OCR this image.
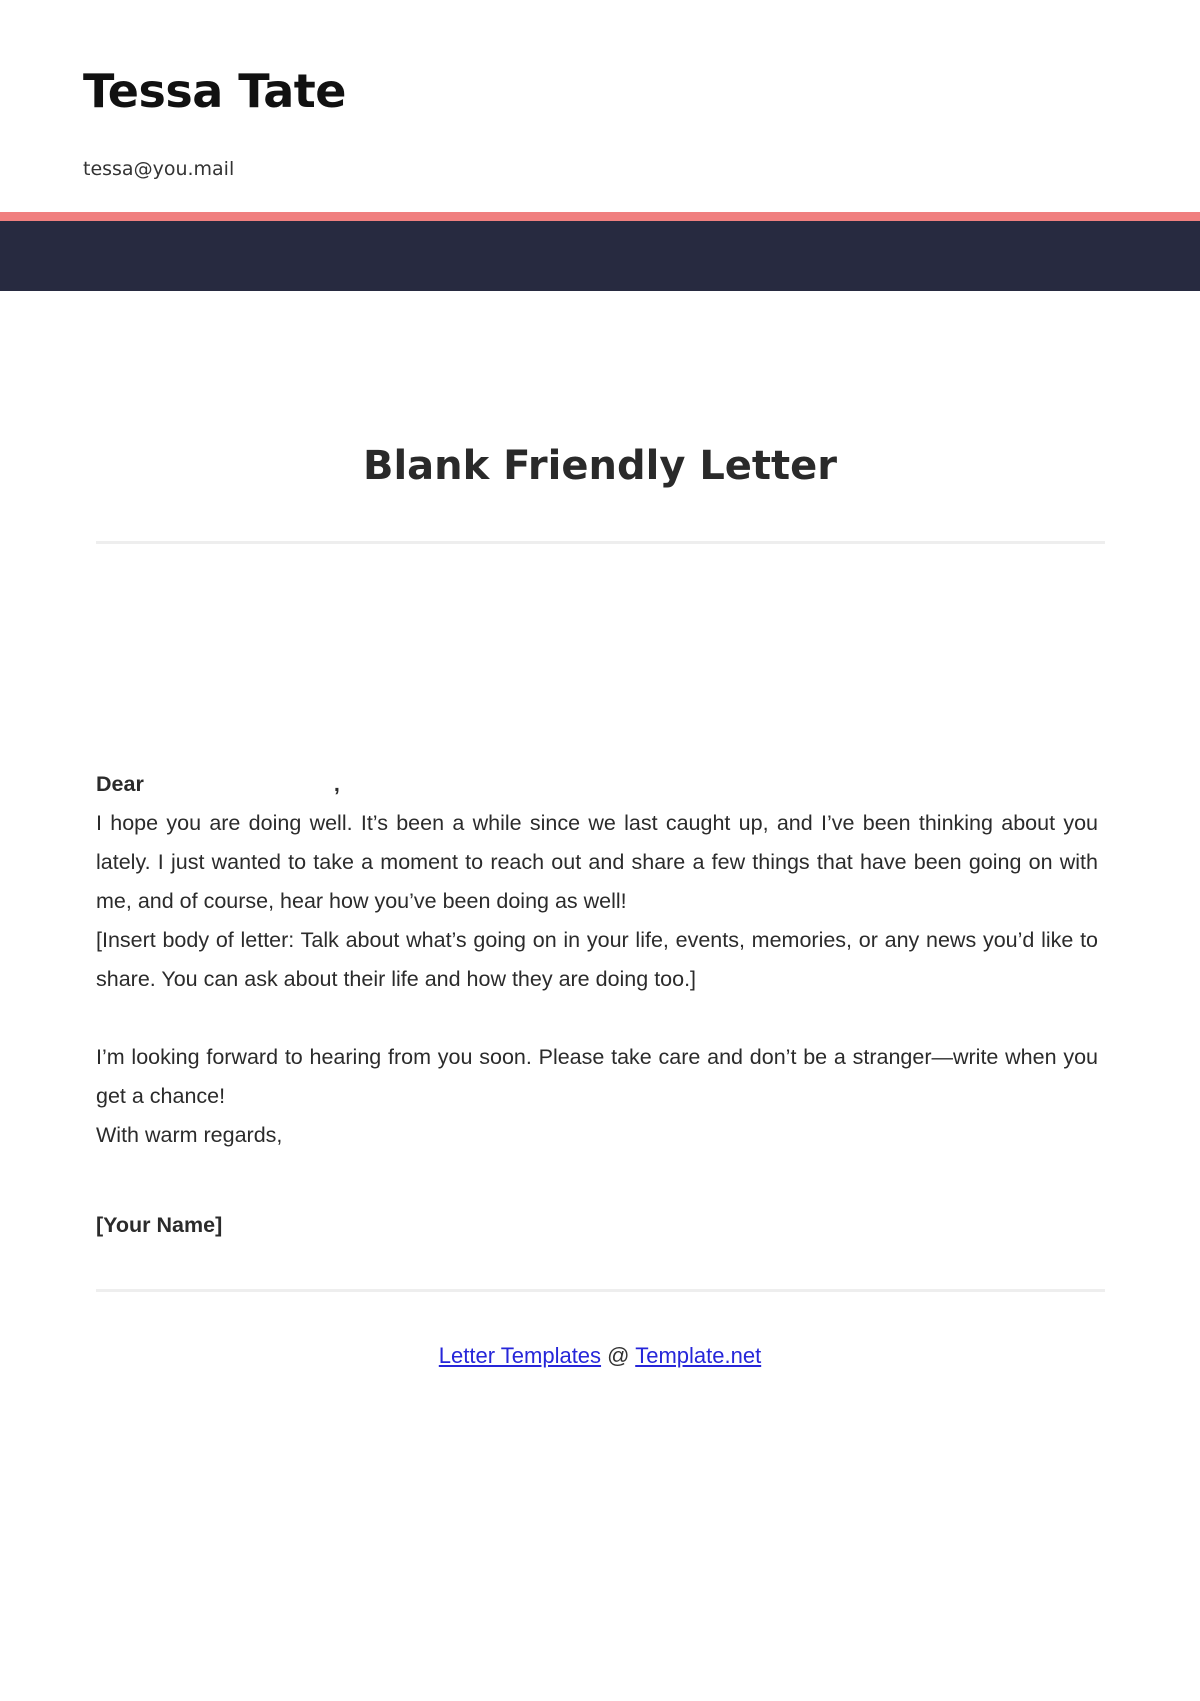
Tessa Tate
tessa@you.mail
Blank Friendly Letter
Dear	,

I hope you are doing well. It’s been a while since we last caught up, and I’ve been thinking about you lately. I just wanted to take a moment to reach out and share a few things that have been going on with me, and of course, hear how you’ve been doing as well!

[Insert body of letter: Talk about what’s going on in your life, events, memories, or any news you’d like to share. You can ask about their life and how they are doing too.]

I’m looking forward to hearing from you soon. Please take care and don’t be a stranger—write when you get a chance!

With warm regards,
[Your Name]
Letter Templates @ Template.net
